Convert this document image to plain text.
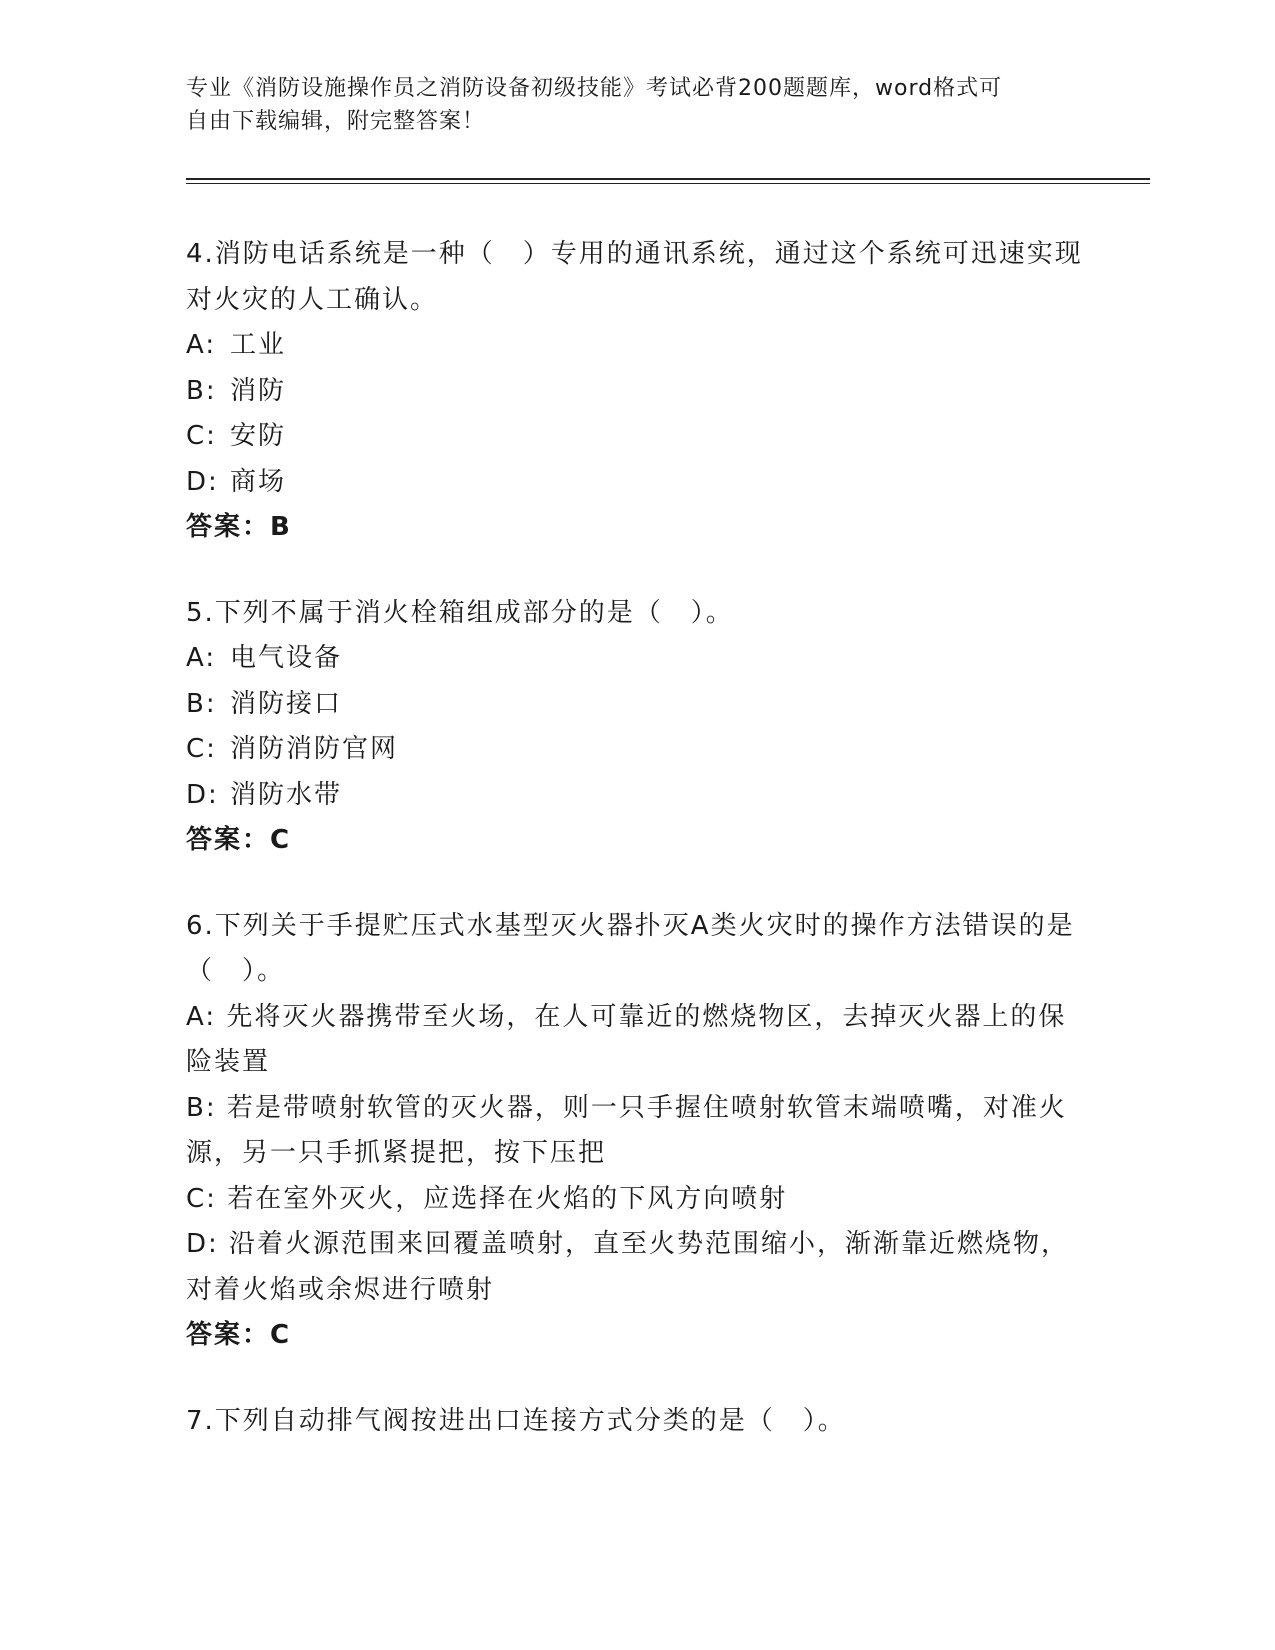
专业《消防设施操作员之消防设备初级技能》考试必背200题题库，word格式可
自由下载编辑，附完整答案！
4.消防电话系统是一种（　）专用的通讯系统，通过这个系统可迅速实现对火灾的人工确认。
A: 工业
B: 消防
C: 安防
D: 商场
答案：B
5.下列不属于消火栓箱组成部分的是（　）。
A: 电气设备
B: 消防接口
C: 消防消防官网
D: 消防水带
答案：C
6.下列关于手提贮压式水基型灭火器扑灭A类火灾时的操作方法错误的是（　）。
A: 先将灭火器携带至火场，在人可靠近的燃烧物区，去掉灭火器上的保险装置
B: 若是带喷射软管的灭火器，则一只手握住喷射软管末端喷嘴，对准火源，另一只手抓紧提把，按下压把
C: 若在室外灭火，应选择在火焰的下风方向喷射
D: 沿着火源范围来回覆盖喷射，直至火势范围缩小，渐渐靠近燃烧物，对着火焰或余烬进行喷射
答案：C
7.下列自动排气阀按进出口连接方式分类的是（　）。
